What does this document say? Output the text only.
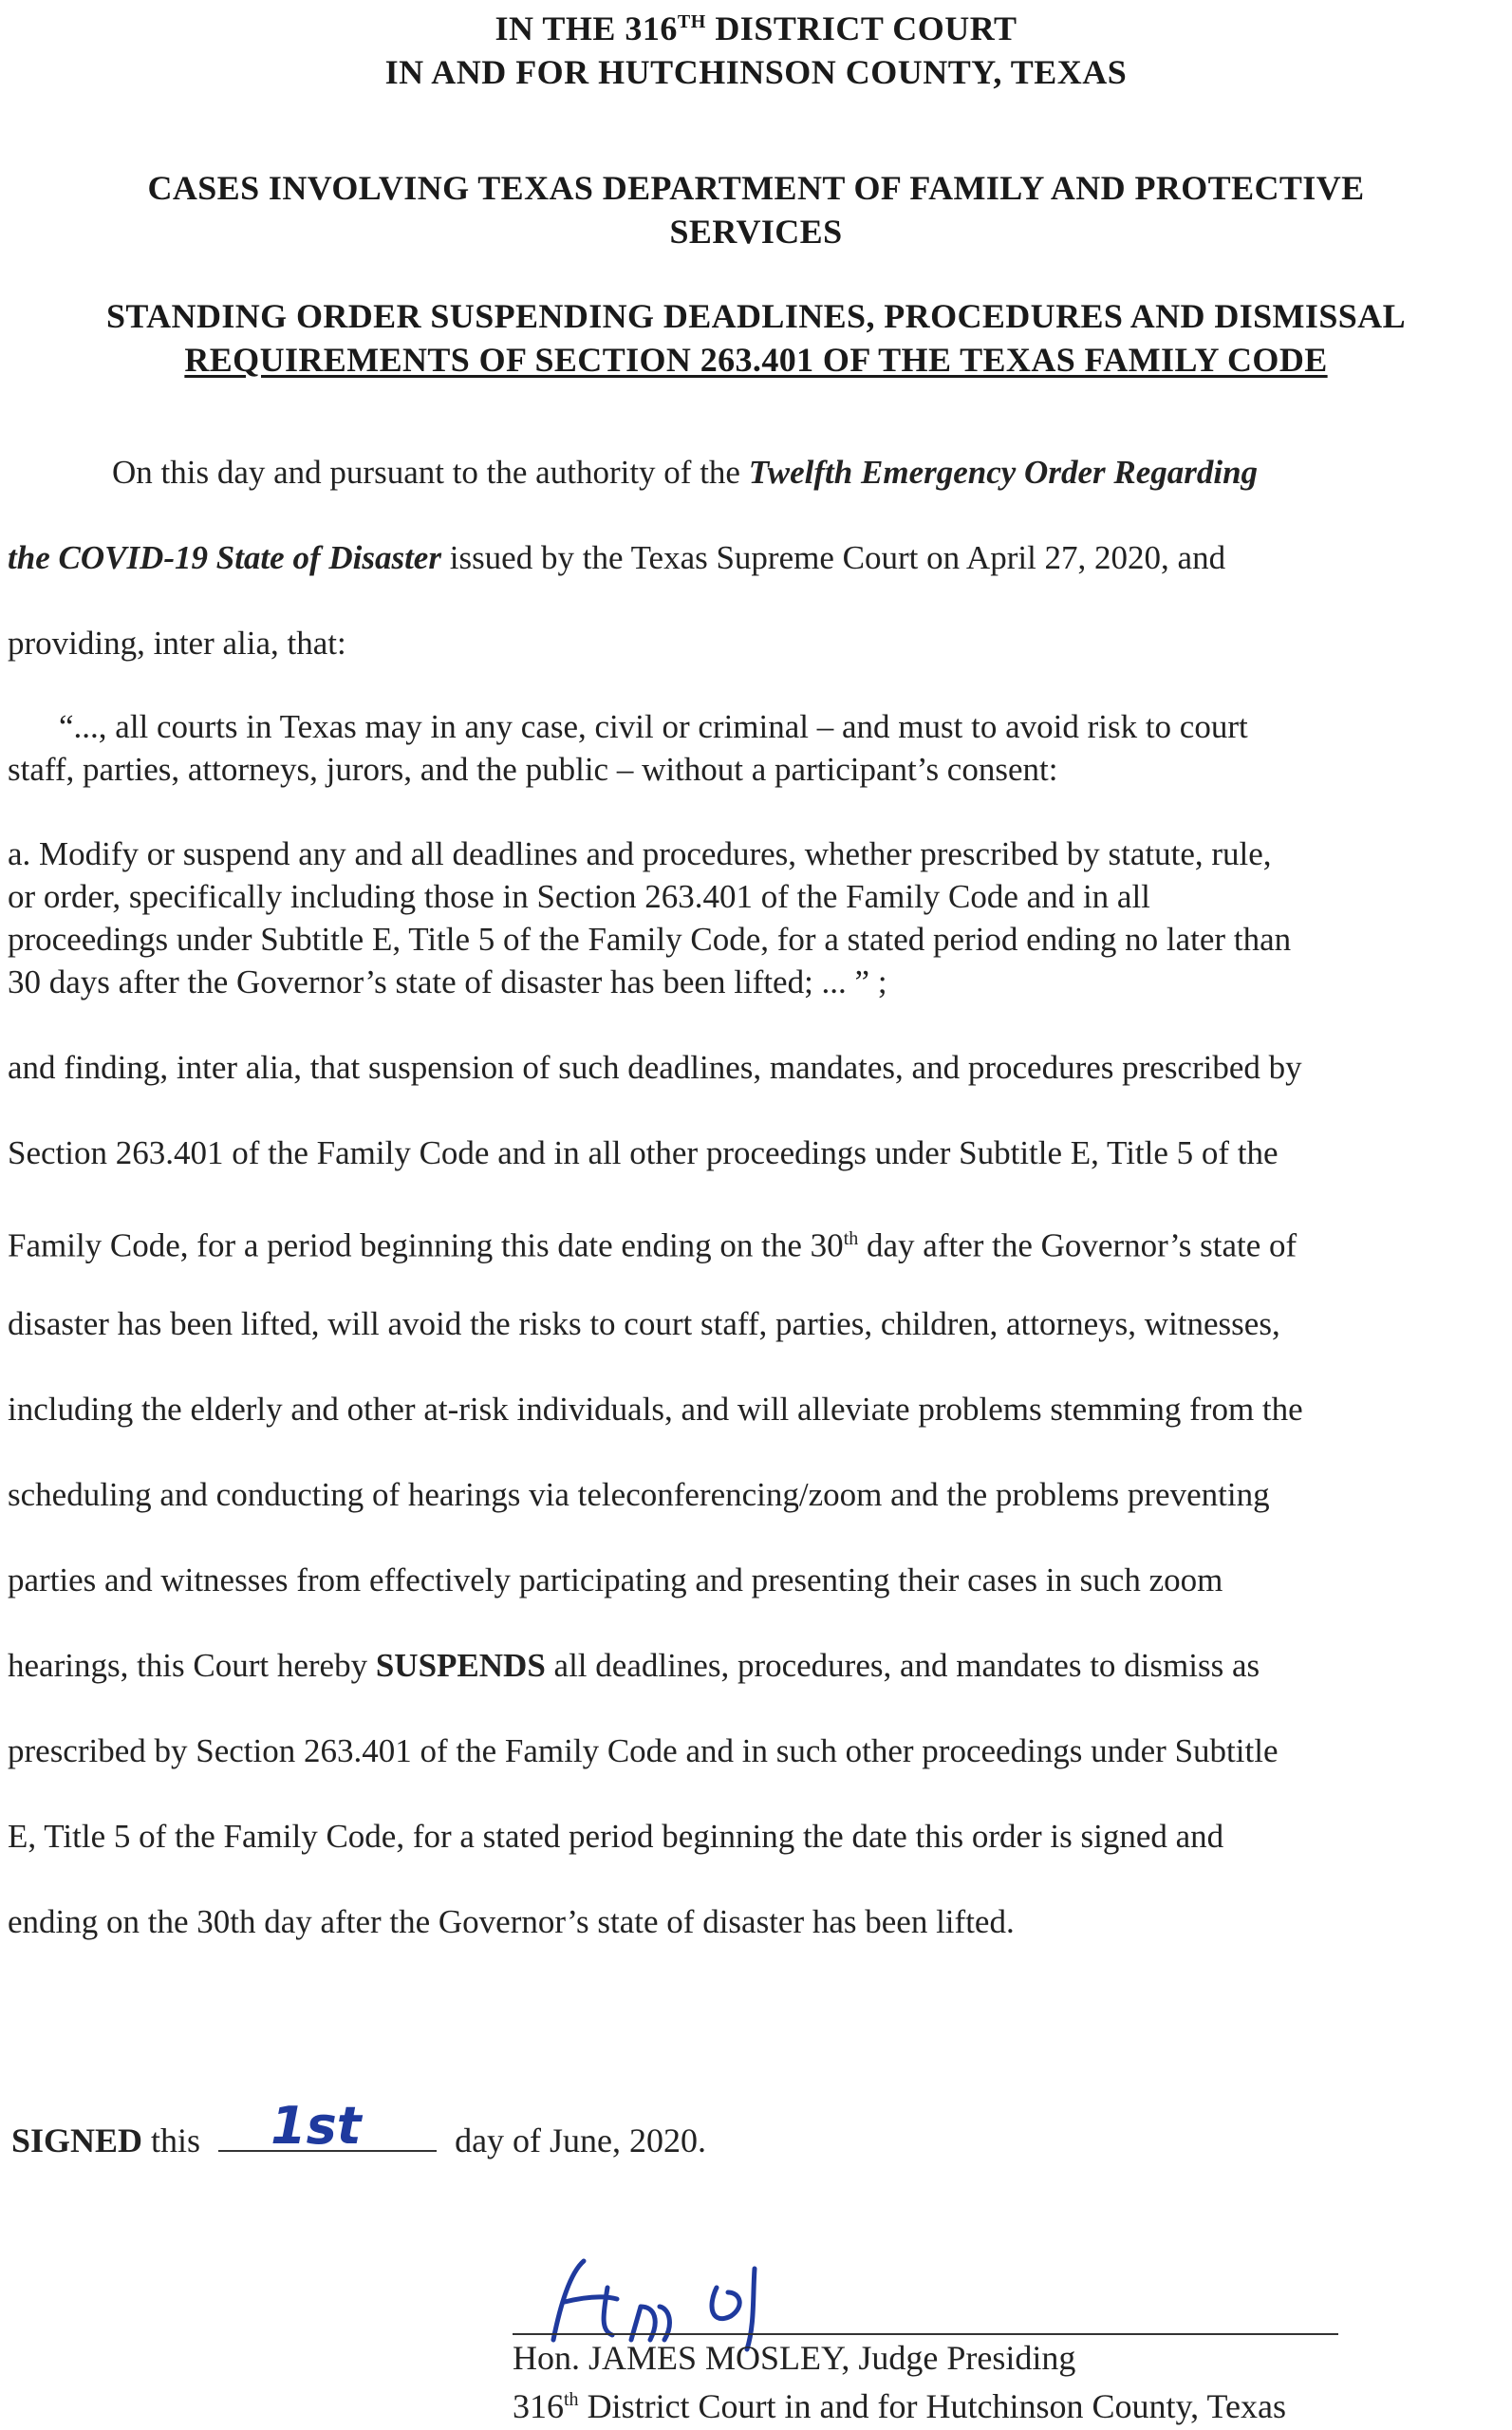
IN THE 316TH DISTRICT COURT
IN AND FOR HUTCHINSON COUNTY, TEXAS
CASES INVOLVING TEXAS DEPARTMENT OF FAMILY AND PROTECTIVE
SERVICES
STANDING ORDER SUSPENDING DEADLINES, PROCEDURES AND DISMISSAL
REQUIREMENTS OF SECTION 263.401 OF THE TEXAS FAMILY CODE
On this day and pursuant to the authority of the Twelfth Emergency Order Regarding
the COVID-19 State of Disaster issued by the Texas Supreme Court on April 27, 2020, and
providing, inter alia, that:
“..., all courts in Texas may in any case, civil or criminal – and must to avoid risk to court
staff, parties, attorneys, jurors, and the public – without a participant’s consent:
a. Modify or suspend any and all deadlines and procedures, whether prescribed by statute, rule,
or order, specifically including those in Section 263.401 of the Family Code and in all
proceedings under Subtitle E, Title 5 of the Family Code, for a stated period ending no later than
30 days after the Governor’s state of disaster has been lifted; ... ” ;
and finding, inter alia, that suspension of such deadlines, mandates, and procedures prescribed by
Section 263.401 of the Family Code and in all other proceedings under Subtitle E, Title 5 of the
Family Code, for a period beginning this date ending on the 30th day after the Governor’s state of
disaster has been lifted, will avoid the risks to court staff, parties, children, attorneys, witnesses,
including the elderly and other at-risk individuals, and will alleviate problems stemming from the
scheduling and conducting of hearings via teleconferencing/zoom and the problems preventing
parties and witnesses from effectively participating and presenting their cases in such zoom
hearings, this Court hereby SUSPENDS all deadlines, procedures, and mandates to dismiss as
prescribed by Section 263.401 of the Family Code and in such other proceedings under Subtitle
E, Title 5 of the Family Code, for a stated period beginning the date this order is signed and
ending on the 30th day after the Governor’s state of disaster has been lifted.
SIGNED this 1st	day of June, 2020.
Hon. JAMES MOSLEY, Judge Presiding
316th District Court in and for Hutchinson County, Texas
